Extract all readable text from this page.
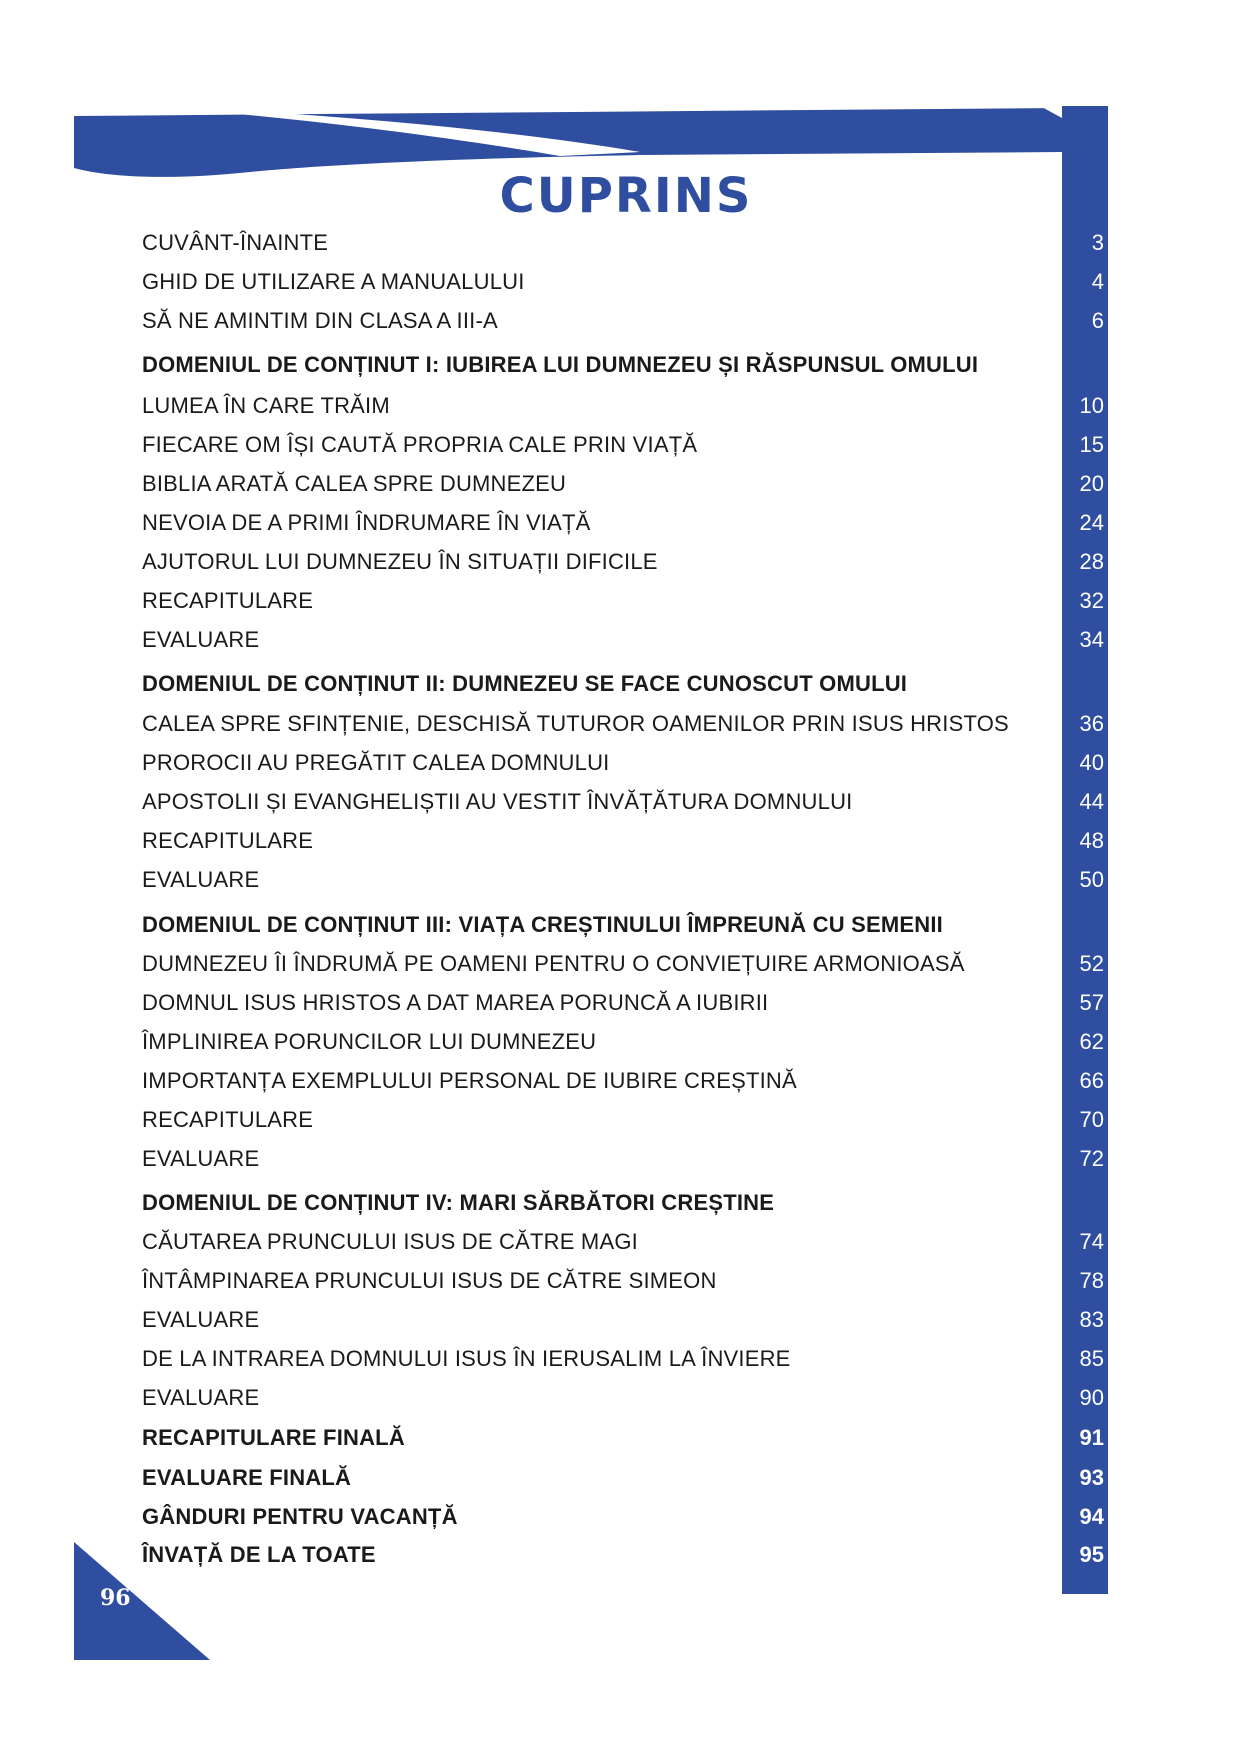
CUPRINS
CUVÂNT-ÎNAINTE	3
GHID DE UTILIZARE A MANUALULUI	4
SĂ NE AMINTIM DIN CLASA A III-A	6
DOMENIUL DE CONȚINUT I: IUBIREA LUI DUMNEZEU ȘI RĂSPUNSUL OMULUI
LUMEA ÎN CARE TRĂIM	10
FIECARE OM ÎȘI CAUTĂ PROPRIA CALE PRIN VIAȚĂ	15
BIBLIA ARATĂ CALEA SPRE DUMNEZEU	20
NEVOIA DE A PRIMI ÎNDRUMARE ÎN VIAȚĂ	24
AJUTORUL LUI DUMNEZEU ÎN SITUAȚII DIFICILE	28
RECAPITULARE	32
EVALUARE	34
DOMENIUL DE CONȚINUT II: DUMNEZEU SE FACE CUNOSCUT OMULUI
CALEA SPRE SFINȚENIE, DESCHISĂ TUTUROR OAMENILOR PRIN ISUS HRISTOS	36
PROROCII AU PREGĂTIT CALEA DOMNULUI	40
APOSTOLII ȘI EVANGHELIȘTII AU VESTIT ÎNVĂȚĂTURA DOMNULUI	44
RECAPITULARE	48
EVALUARE	50
DOMENIUL DE CONȚINUT III: VIAȚA CREȘTINULUI ÎMPREUNĂ CU SEMENII
DUMNEZEU ÎI ÎNDRUMĂ PE OAMENI PENTRU O CONVIEȚUIRE ARMONIOASĂ	52
DOMNUL ISUS HRISTOS A DAT MAREA PORUNCĂ A IUBIRII	57
ÎMPLINIREA PORUNCILOR LUI DUMNEZEU	62
IMPORTANȚA EXEMPLULUI PERSONAL DE IUBIRE CREȘTINĂ	66
RECAPITULARE	70
EVALUARE	72
DOMENIUL DE CONȚINUT IV: MARI SĂRBĂTORI CREȘTINE
CĂUTAREA PRUNCULUI ISUS DE CĂTRE MAGI	74
ÎNTÂMPINAREA PRUNCULUI ISUS DE CĂTRE SIMEON	78
EVALUARE	83
DE LA INTRAREA DOMNULUI ISUS ÎN IERUSALIM LA ÎNVIERE	85
EVALUARE	90
RECAPITULARE FINALĂ	91
EVALUARE FINALĂ	93
GÂNDURI PENTRU VACANȚĂ	94
ÎNVAȚĂ DE LA TOATE	95
96
